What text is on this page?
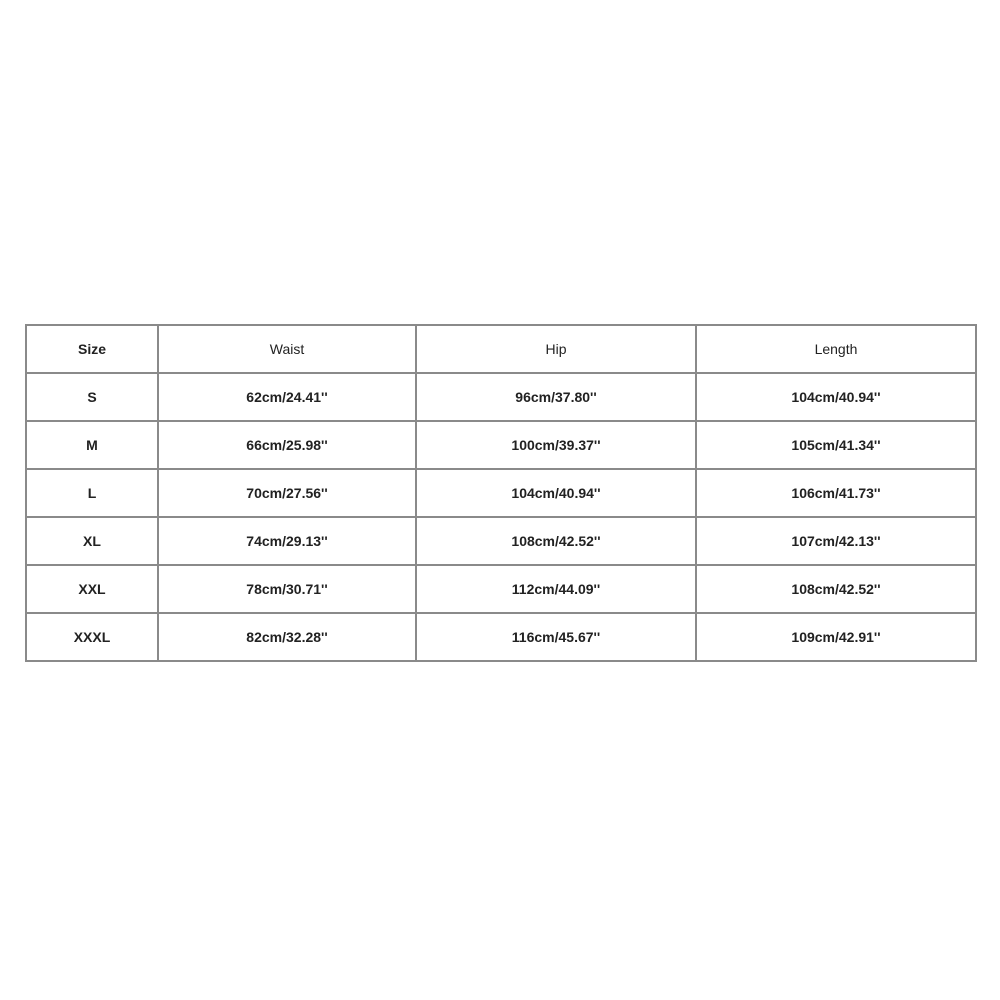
Size	Waist	Hip	Length
S	62cm/24.41''	96cm/37.80''	104cm/40.94''
M	66cm/25.98''	100cm/39.37''	105cm/41.34''
L	70cm/27.56''	104cm/40.94''	106cm/41.73''
XL	74cm/29.13''	108cm/42.52''	107cm/42.13''
XXL	78cm/30.71''	112cm/44.09''	108cm/42.52''
XXXL	82cm/32.28''	116cm/45.67''	109cm/42.91''
